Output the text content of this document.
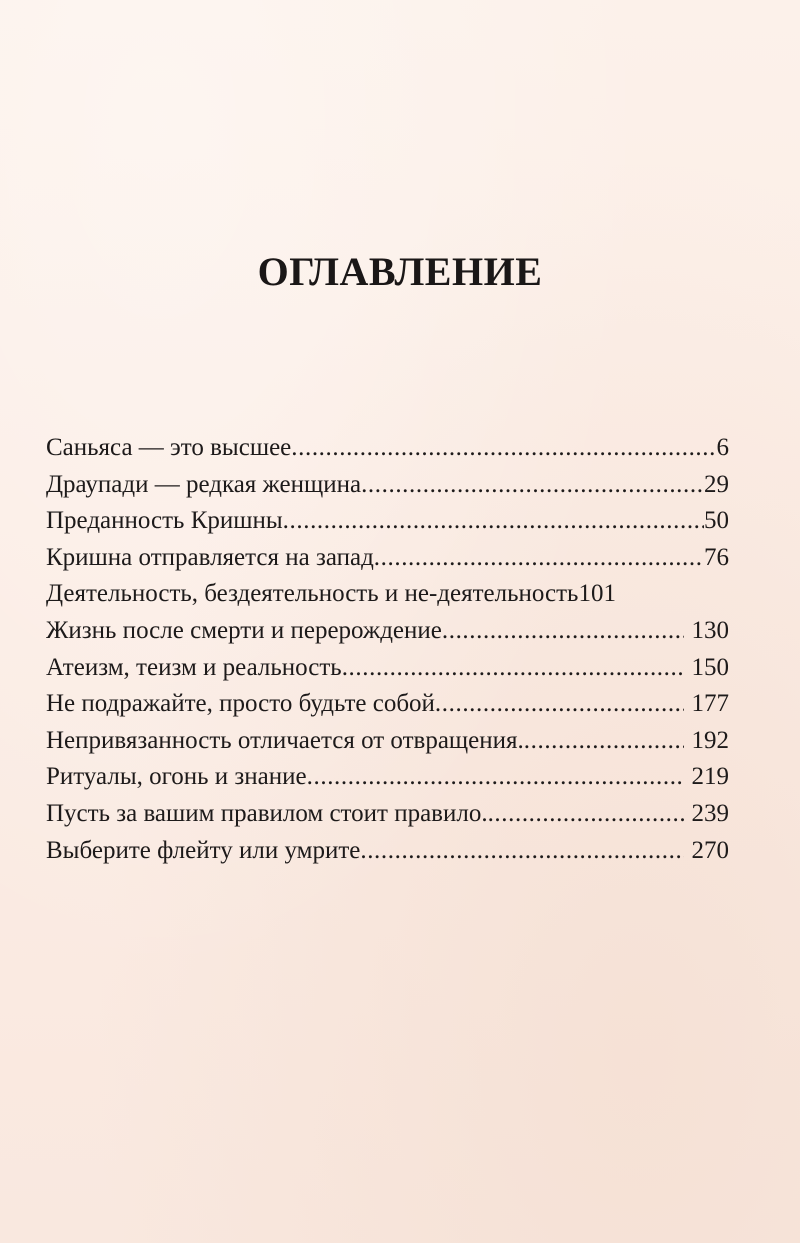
ОГЛАВЛЕНИЕ
Саньяса — это высшее .....	6
Драупади — редкая женщина .....	29
Преданность Кришны .....	50
Кришна отправляется на запад .....	76
Деятельность, бездеятельность и не-деятельность 101
Жизнь после смерти и перерождение .....	130
Атеизм, теизм и реальность .....	150
Не подражайте, просто будьте собой .....	177
Непривязанность отличается от отвращения. .....	192
Ритуалы, огонь и знание .....	219
Пусть за вашим правилом стоит правило. .....	239
Выберите флейту или умрите .....	270
